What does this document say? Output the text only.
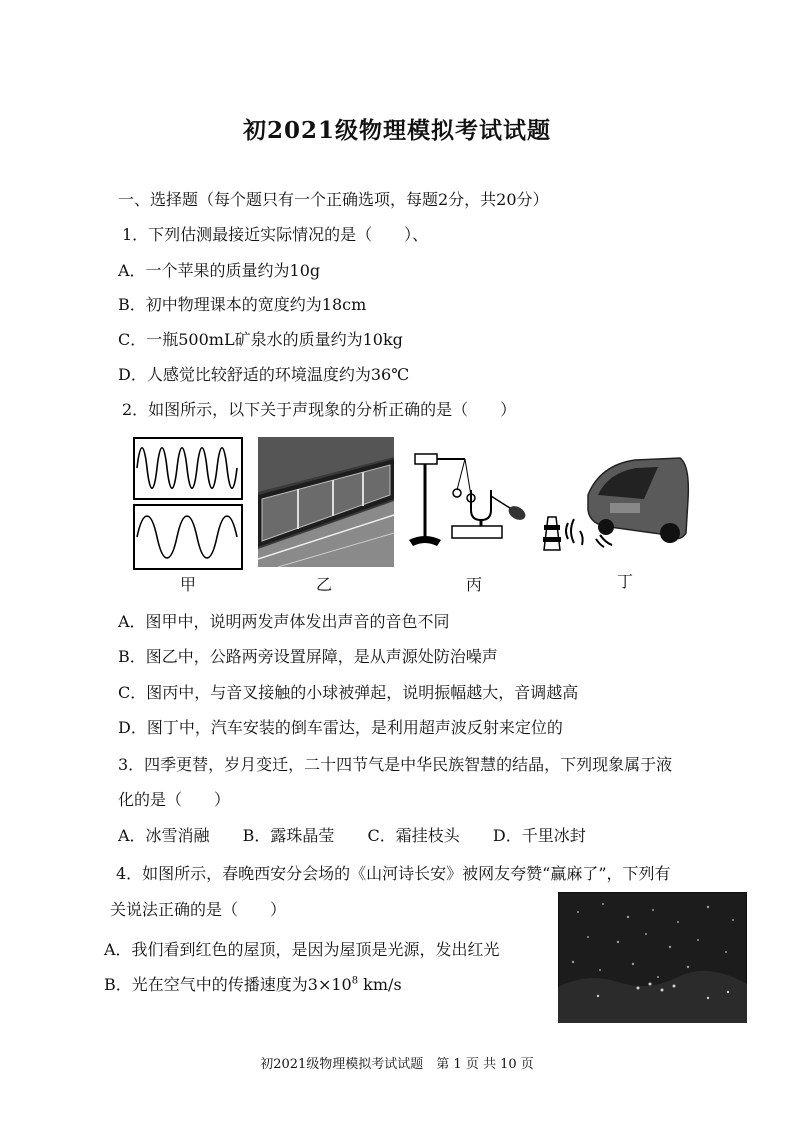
初2021级物理模拟考试试题
一、选择题（每个题只有一个正确选项，每题2分，共20分）
1．下列估测最接近实际情况的是（　　）、
A．一个苹果的质量约为10g
B．初中物理课本的宽度约为18cm
C．一瓶500mL矿泉水的质量约为10kg
D．人感觉比较舒适的环境温度约为36℃
2．如图所示，以下关于声现象的分析正确的是（　　）
甲	乙	丙	丁
A．图甲中，说明两发声体发出声音的音色不同
B．图乙中，公路两旁设置屏障，是从声源处防治噪声
C．图丙中，与音叉接触的小球被弹起，说明振幅越大，音调越高
D．图丁中，汽车安装的倒车雷达，是利用超声波反射来定位的
3．四季更替，岁月变迁，二十四节气是中华民族智慧的结晶，下列现象属于液
化的是（　　）
A．冰雪消融 B．露珠晶莹 C．霜挂枝头 D．千里冰封
4．如图所示，春晚西安分会场的《山河诗长安》被网友夸赞“赢麻了”，下列有
关说法正确的是（　　）
A．我们看到红色的屋顶，是因为屋顶是光源，发出红光
B．光在空气中的传播速度为$3\times 10^8$ km/s
初2021级物理模拟考试试题　第 1 页 共 10 页
